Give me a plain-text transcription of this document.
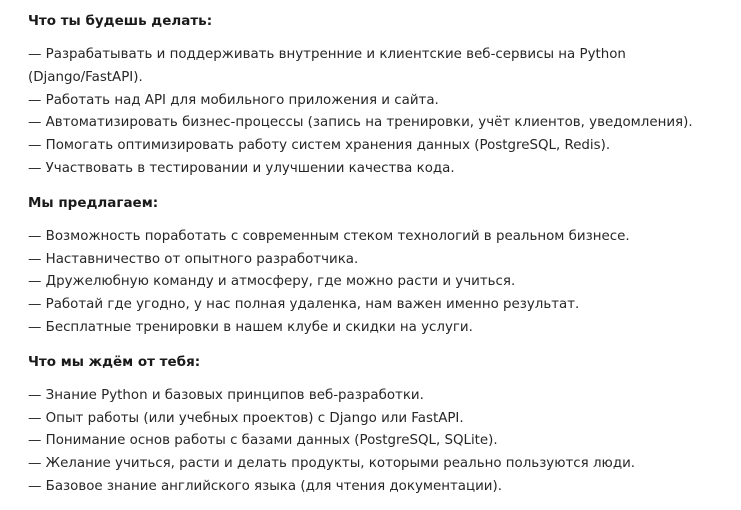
Что ты будешь делать:
— Разрабатывать и поддерживать внутренние и клиентские веб-сервисы на Python (Django/FastAPI).
— Работать над API для мобильного приложения и сайта.
— Автоматизировать бизнес-процессы (запись на тренировки, учёт клиентов, уведомления).
— Помогать оптимизировать работу систем хранения данных (PostgreSQL, Redis).
— Участвовать в тестировании и улучшении качества кода.
Мы предлагаем:
— Возможность поработать с современным стеком технологий в реальном бизнесе.
— Наставничество от опытного разработчика.
— Дружелюбную команду и атмосферу, где можно расти и учиться.
— Работай где угодно, у нас полная удаленка, нам важен именно результат.
— Бесплатные тренировки в нашем клубе и скидки на услуги.
Что мы ждём от тебя:
— Знание Python и базовых принципов веб-разработки.
— Опыт работы (или учебных проектов) с Django или FastAPI.
— Понимание основ работы с базами данных (PostgreSQL, SQLite).
— Желание учиться, расти и делать продукты, которыми реально пользуются люди.
— Базовое знание английского языка (для чтения документации).
